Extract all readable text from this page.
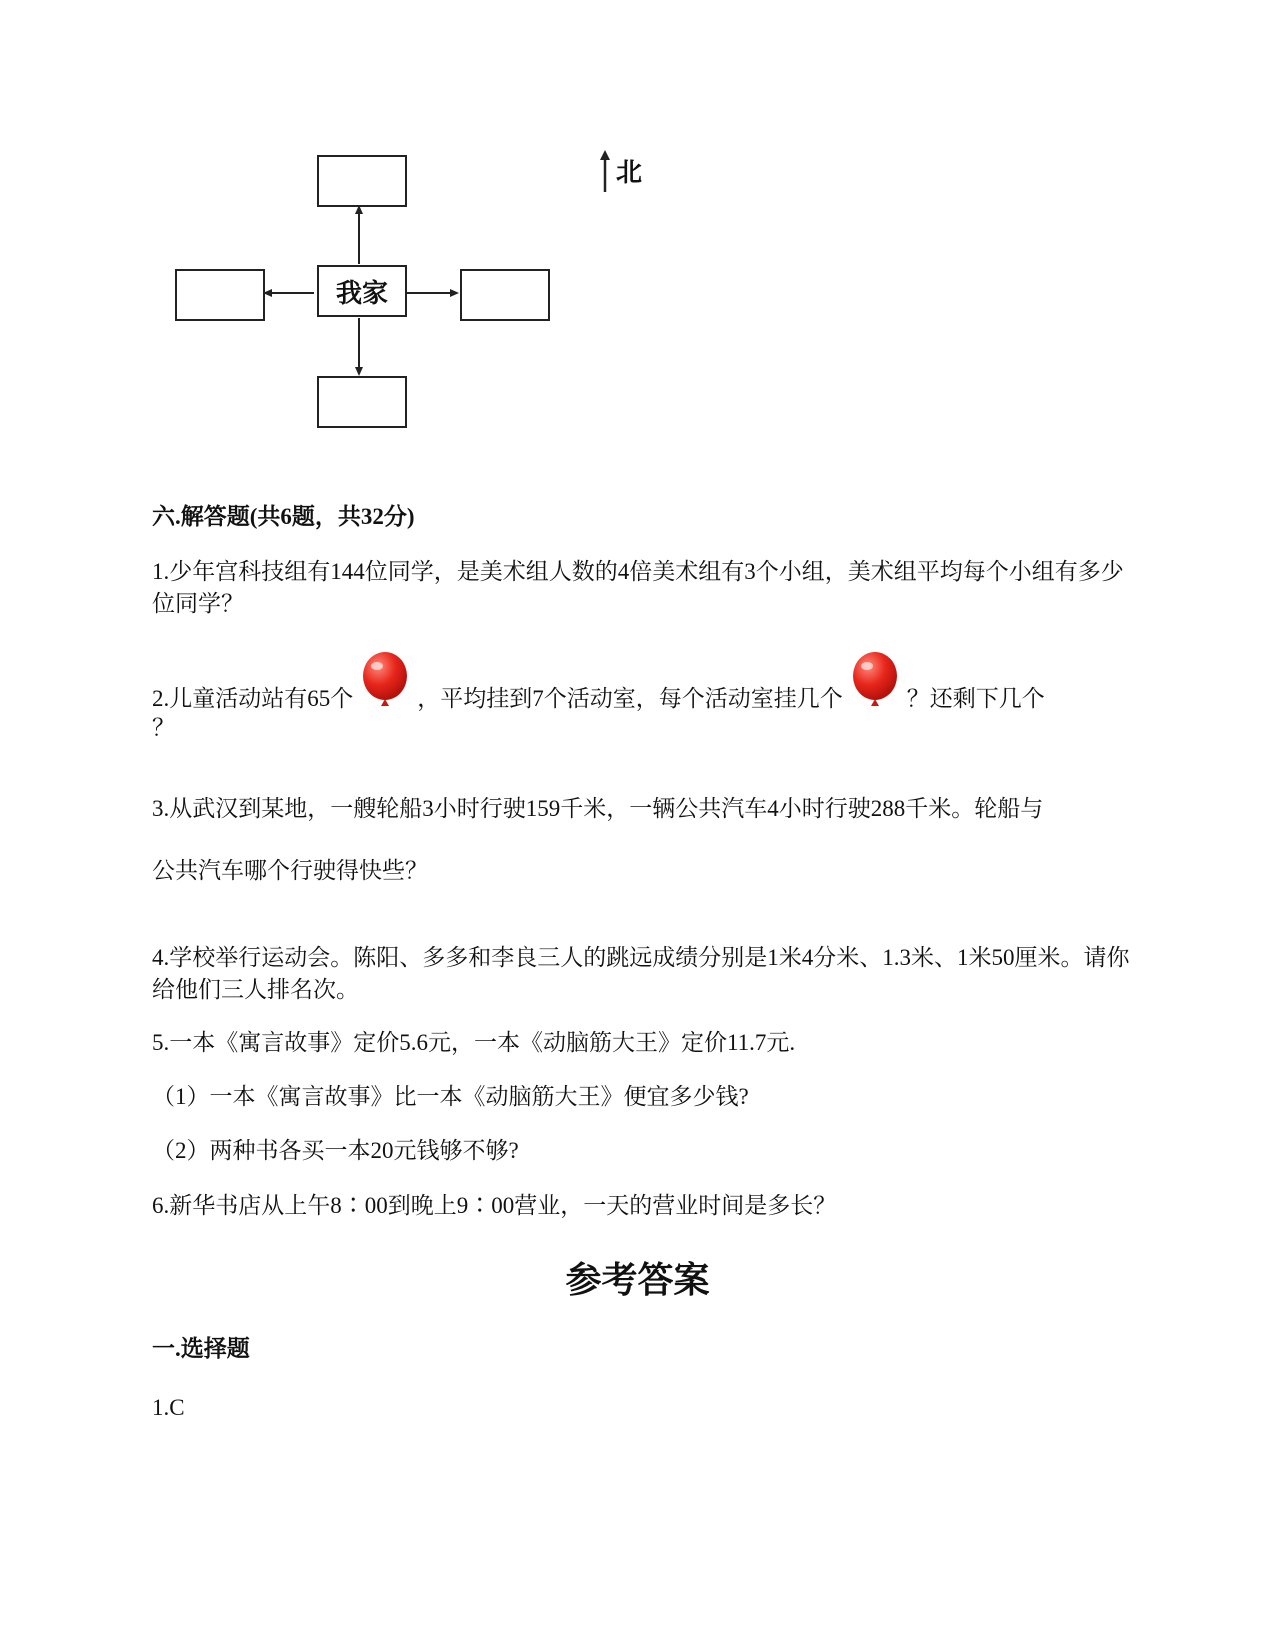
我家
北
六.解答题(共6题，共32分)
1.少年宫科技组有144位同学，是美术组人数的4倍美术组有3个小组，美术组平均每个小组有多少位同学？
2.儿童活动站有65个	，平均挂到7个活动室，每个活动室挂几个	？还剩下几个
？
3.从武汉到某地，一艘轮船3小时行驶159千米，一辆公共汽车4小时行驶288千米。轮船与
公共汽车哪个行驶得快些？
4.学校举行运动会。陈阳、多多和李良三人的跳远成绩分别是1米4分米、1.3米、1米50厘米。请你给他们三人排名次。
5.一本《寓言故事》定价5.6元，一本《动脑筋大王》定价11.7元.
（1）一本《寓言故事》比一本《动脑筋大王》便宜多少钱?
（2）两种书各买一本20元钱够不够?
6.新华书店从上午8∶00到晚上9∶00营业，一天的营业时间是多长？
参考答案
一.选择题
1.C
